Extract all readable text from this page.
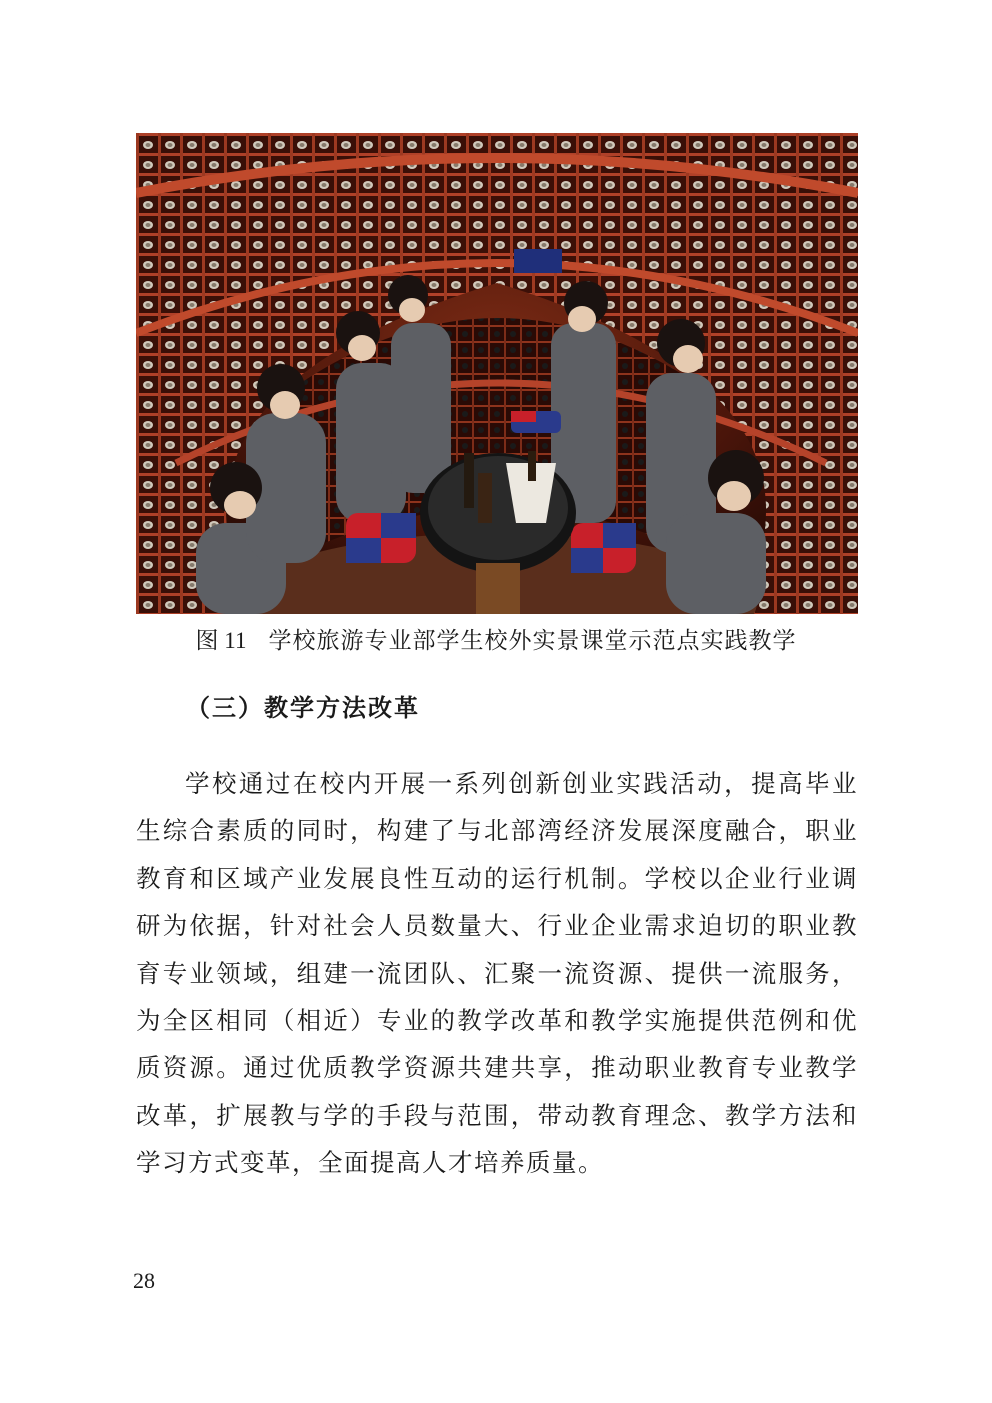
图 11 学校旅游专业部学生校外实景课堂示范点实践教学
（三）教学方法改革

学校通过在校内开展一系列创新创业实践活动，提高毕业生综合素质的同时，构建了与北部湾经济发展深度融合，职业教育和区域产业发展良性互动的运行机制。学校以企业行业调研为依据，针对社会人员数量大、行业企业需求迫切的职业教育专业领域，组建一流团队、汇聚一流资源、提供一流服务，为全区相同（相近）专业的教学改革和教学实施提供范例和优质资源。通过优质教学资源共建共享，推动职业教育专业教学改革，扩展教与学的手段与范围，带动教育理念、教学方法和学习方式变革，全面提高人才培养质量。

28
